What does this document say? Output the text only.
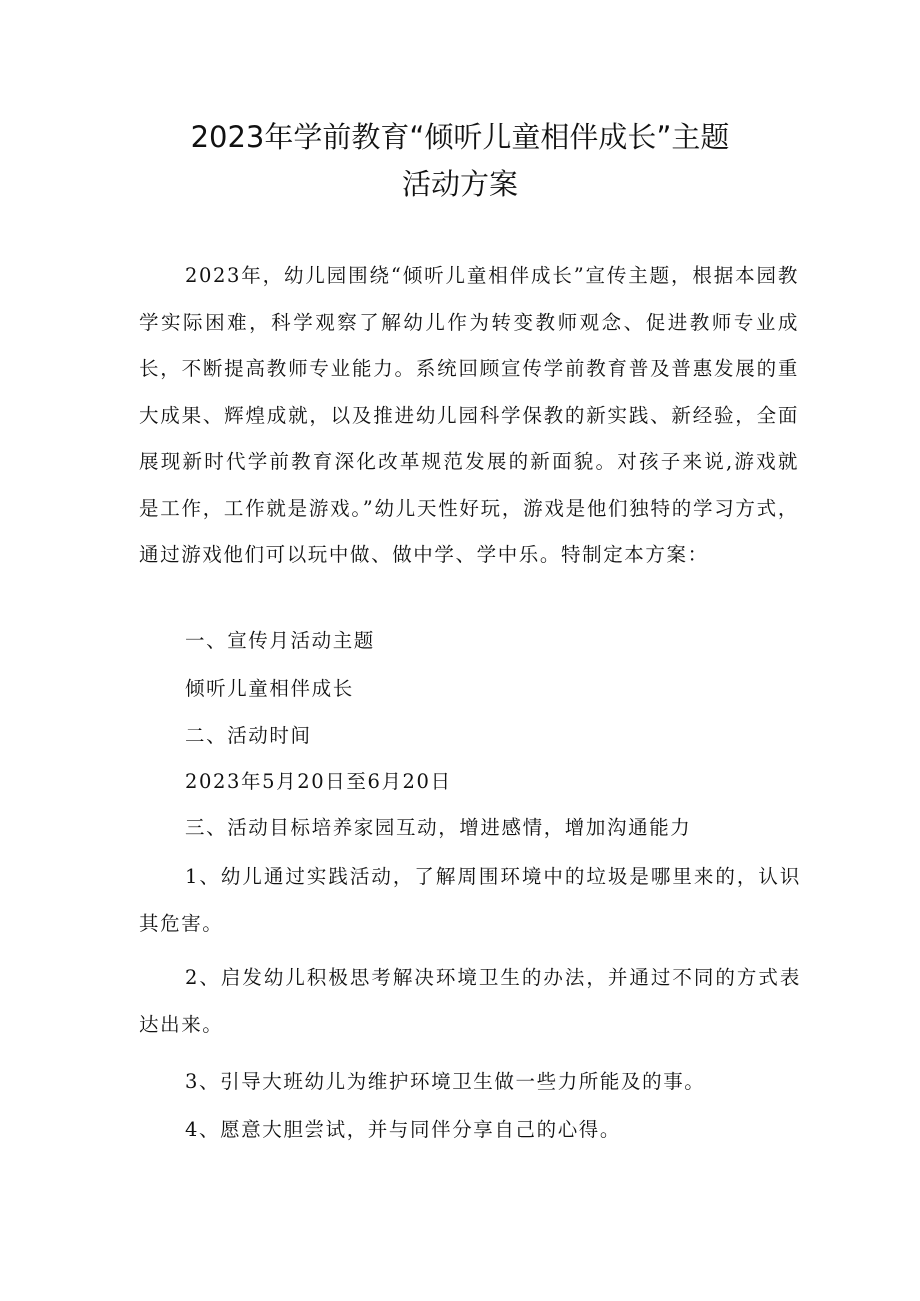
2023年学前教育“倾听儿童相伴成长”主题
活动方案

2023年，幼儿园围绕“倾听儿童相伴成长”宣传主题，根据本园教学实际困难，科学观察了解幼儿作为转变教师观念、促进教师专业成长，不断提高教师专业能力。系统回顾宣传学前教育普及普惠发展的重大成果、辉煌成就，以及推进幼儿园科学保教的新实践、新经验，全面展现新时代学前教育深化改革规范发展的新面貌。对孩子来说,游戏就是工作，工作就是游戏。”幼儿天性好玩，游戏是他们独特的学习方式，通过游戏他们可以玩中做、做中学、学中乐。特制定本方案：

一、宣传月活动主题

倾听儿童相伴成长

二、活动时间

2023年5月20日至6月20日

三、活动目标培养家园互动，增进感情，增加沟通能力

1、幼儿通过实践活动，了解周围环境中的垃圾是哪里来的，认识其危害。

2、启发幼儿积极思考解决环境卫生的办法，并通过不同的方式表达出来。

3、引导大班幼儿为维护环境卫生做一些力所能及的事。

4、愿意大胆尝试，并与同伴分享自己的心得。
